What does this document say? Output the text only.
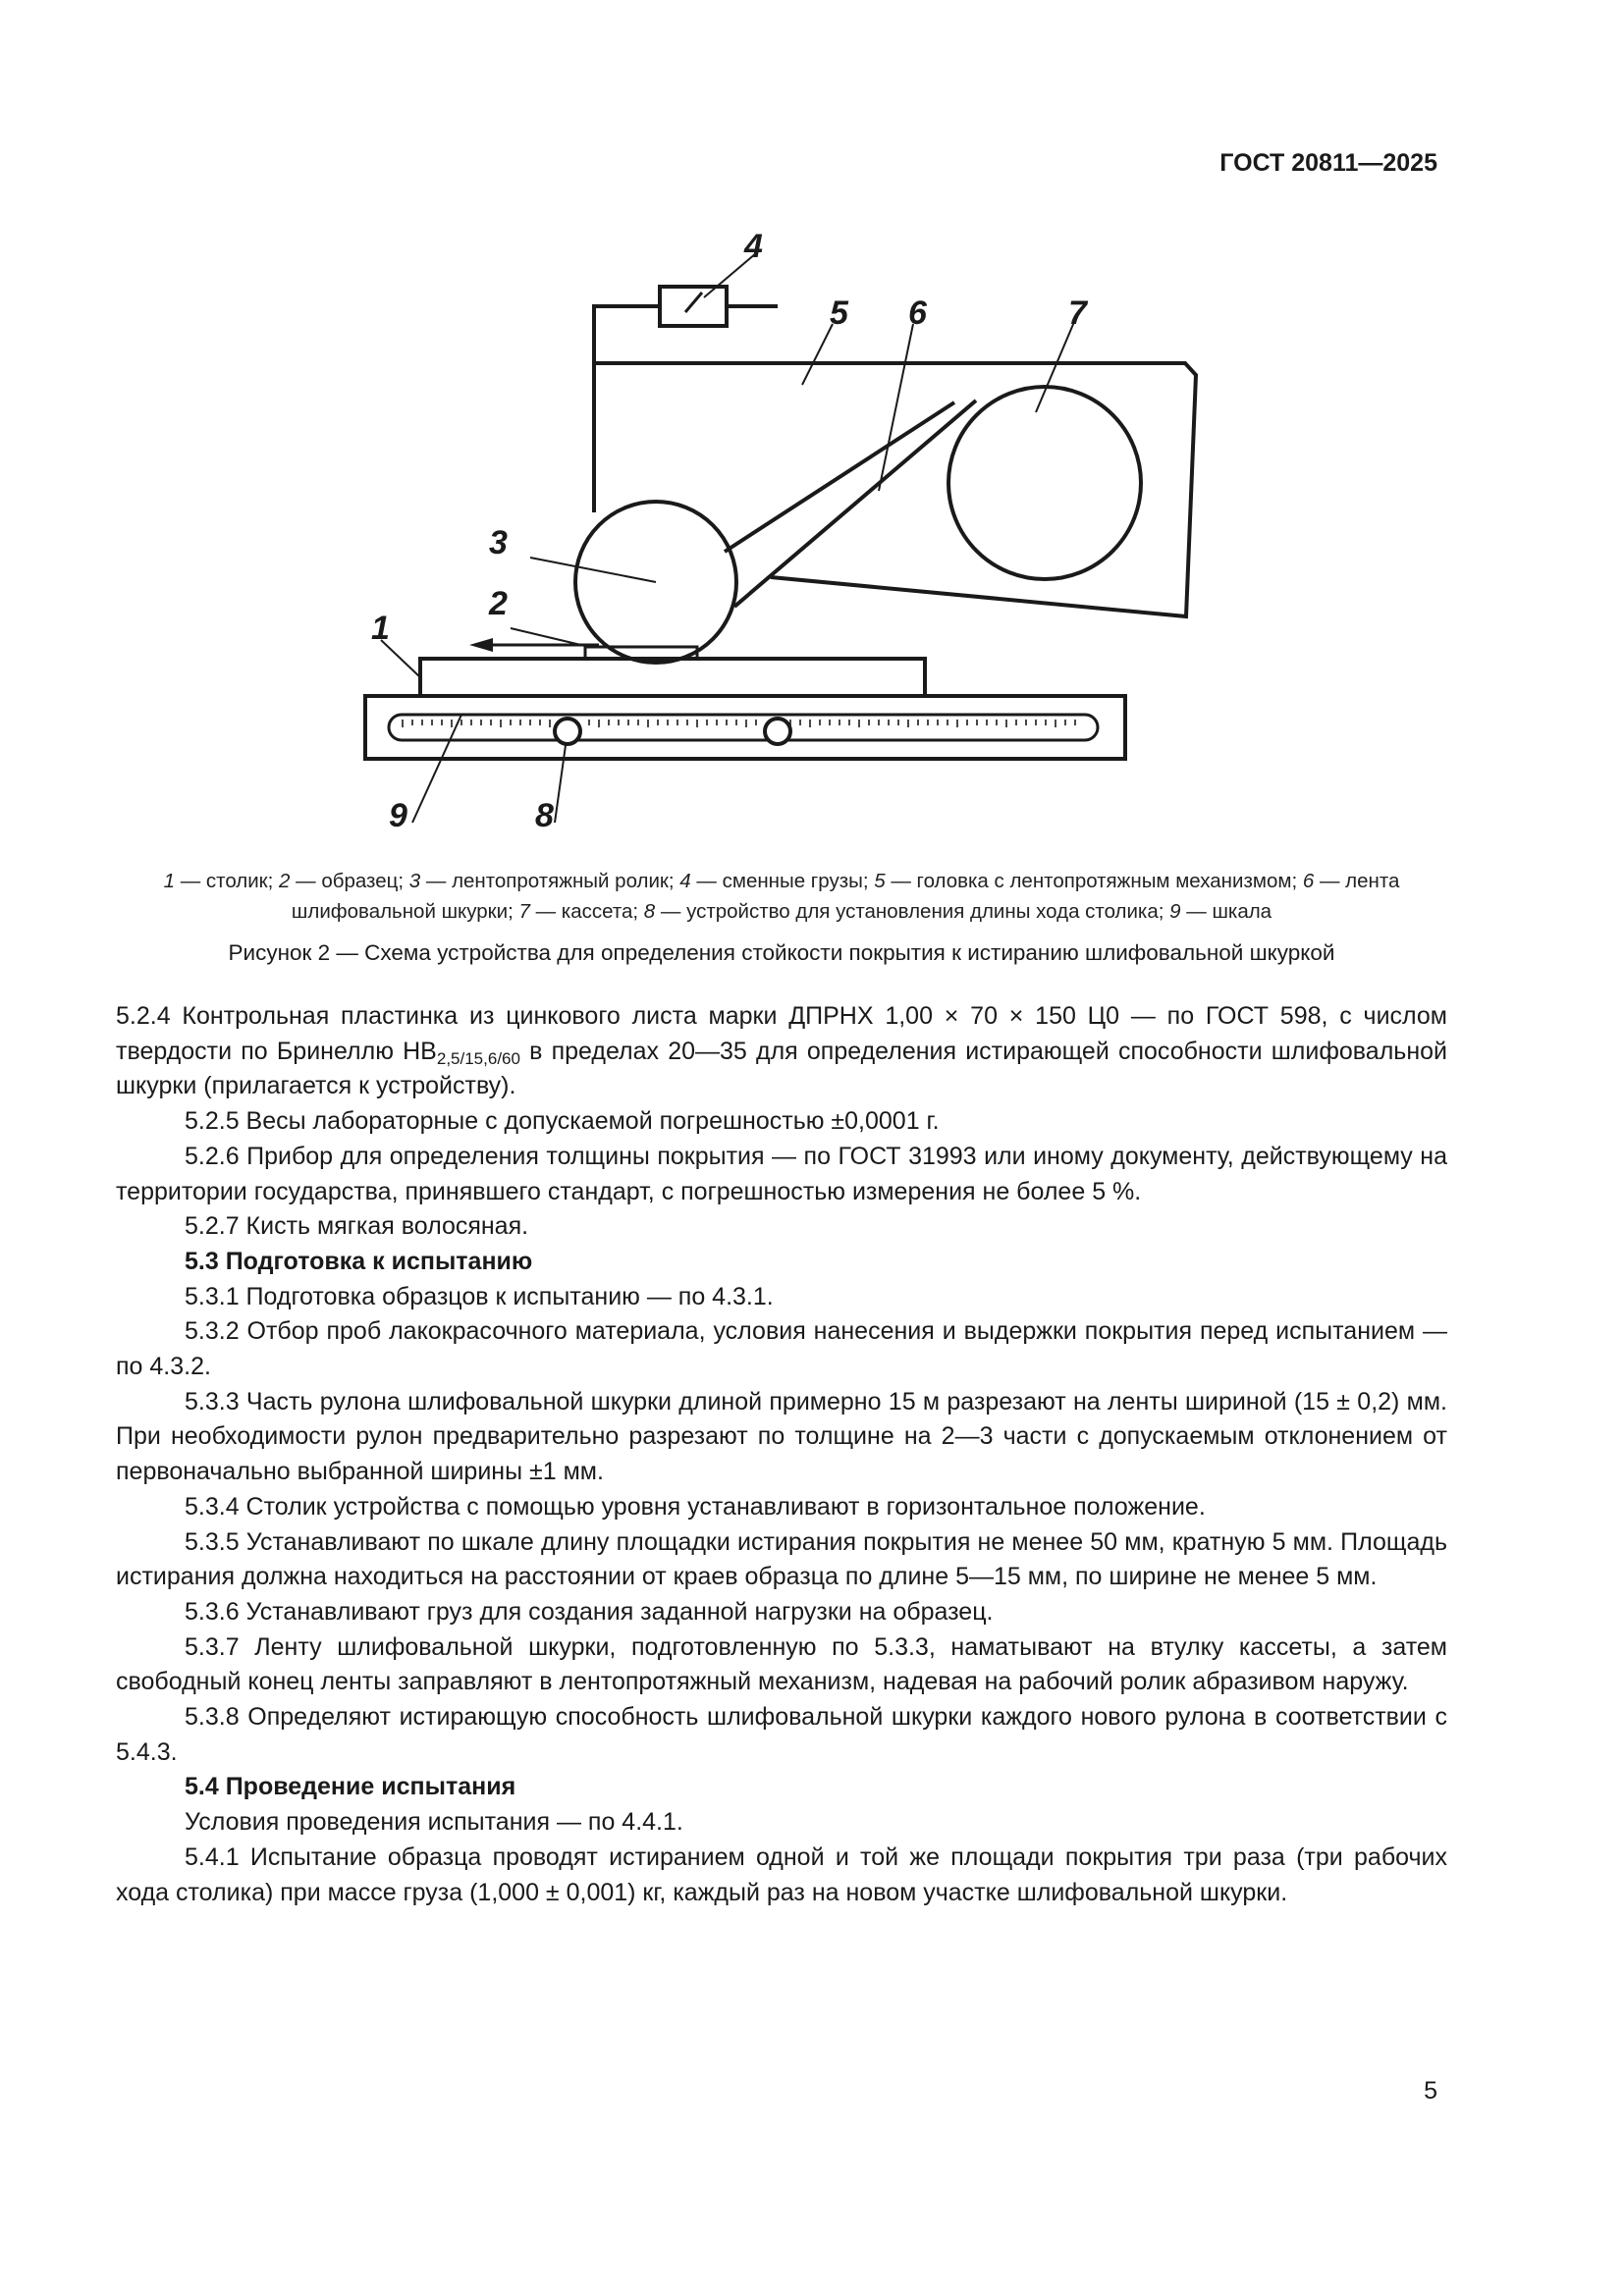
ГОСТ 20811—2025
4
5 6	7
3
2
1
9	8
1 — столик; 2 — образец; 3 — лентопротяжный ролик; 4 — сменные грузы; 5 — головка с лентопротяжным механизмом; 6 — лента шлифовальной шкурки; 7 — кассета; 8 — устройство для установления длины хода столика; 9 — шкала
Рисунок 2 — Схема устройства для определения стойкости покрытия к истиранию шлифовальной шкуркой

5.2.4 Контрольная пластинка из цинкового листа марки ДПРНХ 1,00 × 70 × 150 Ц0 — по ГОСТ 598, с числом твердости по Бринеллю $НВ_{2,5/15,6/60}$ в пределах 20—35 для определения истирающей способности шлифовальной шкурки (прилагается к устройству).

5.2.5 Весы лабораторные с допускаемой погрешностью ±0,0001 г.

5.2.6 Прибор для определения толщины покрытия — по ГОСТ 31993 или иному документу, действующему на территории государства, принявшего стандарт, с погрешностью измерения не более 5 %.

5.2.7 Кисть мягкая волосяная.

5.3 Подготовка к испытанию

5.3.1 Подготовка образцов к испытанию — по 4.3.1.

5.3.2 Отбор проб лакокрасочного материала, условия нанесения и выдержки покрытия перед испытанием — по 4.3.2.

5.3.3 Часть рулона шлифовальной шкурки длиной примерно 15 м разрезают на ленты шириной (15 ± 0,2) мм. При необходимости рулон предварительно разрезают по толщине на 2—3 части с допускаемым отклонением от первоначально выбранной ширины ±1 мм.

5.3.4 Столик устройства с помощью уровня устанавливают в горизонтальное положение.

5.3.5 Устанавливают по шкале длину площадки истирания покрытия не менее 50 мм, кратную 5 мм. Площадь истирания должна находиться на расстоянии от краев образца по длине 5—15 мм, по ширине не менее 5 мм.

5.3.6 Устанавливают груз для создания заданной нагрузки на образец.

5.3.7 Ленту шлифовальной шкурки, подготовленную по 5.3.3, наматывают на втулку кассеты, а затем свободный конец ленты заправляют в лентопротяжный механизм, надевая на рабочий ролик абразивом наружу.

5.3.8 Определяют истирающую способность шлифовальной шкурки каждого нового рулона в соответствии с 5.4.3.

5.4 Проведение испытания

Условия проведения испытания — по 4.4.1.

5.4.1 Испытание образца проводят истиранием одной и той же площади покрытия три раза (три рабочих хода столика) при массе груза (1,000 ± 0,001) кг, каждый раз на новом участке шлифовальной шкурки.

5
